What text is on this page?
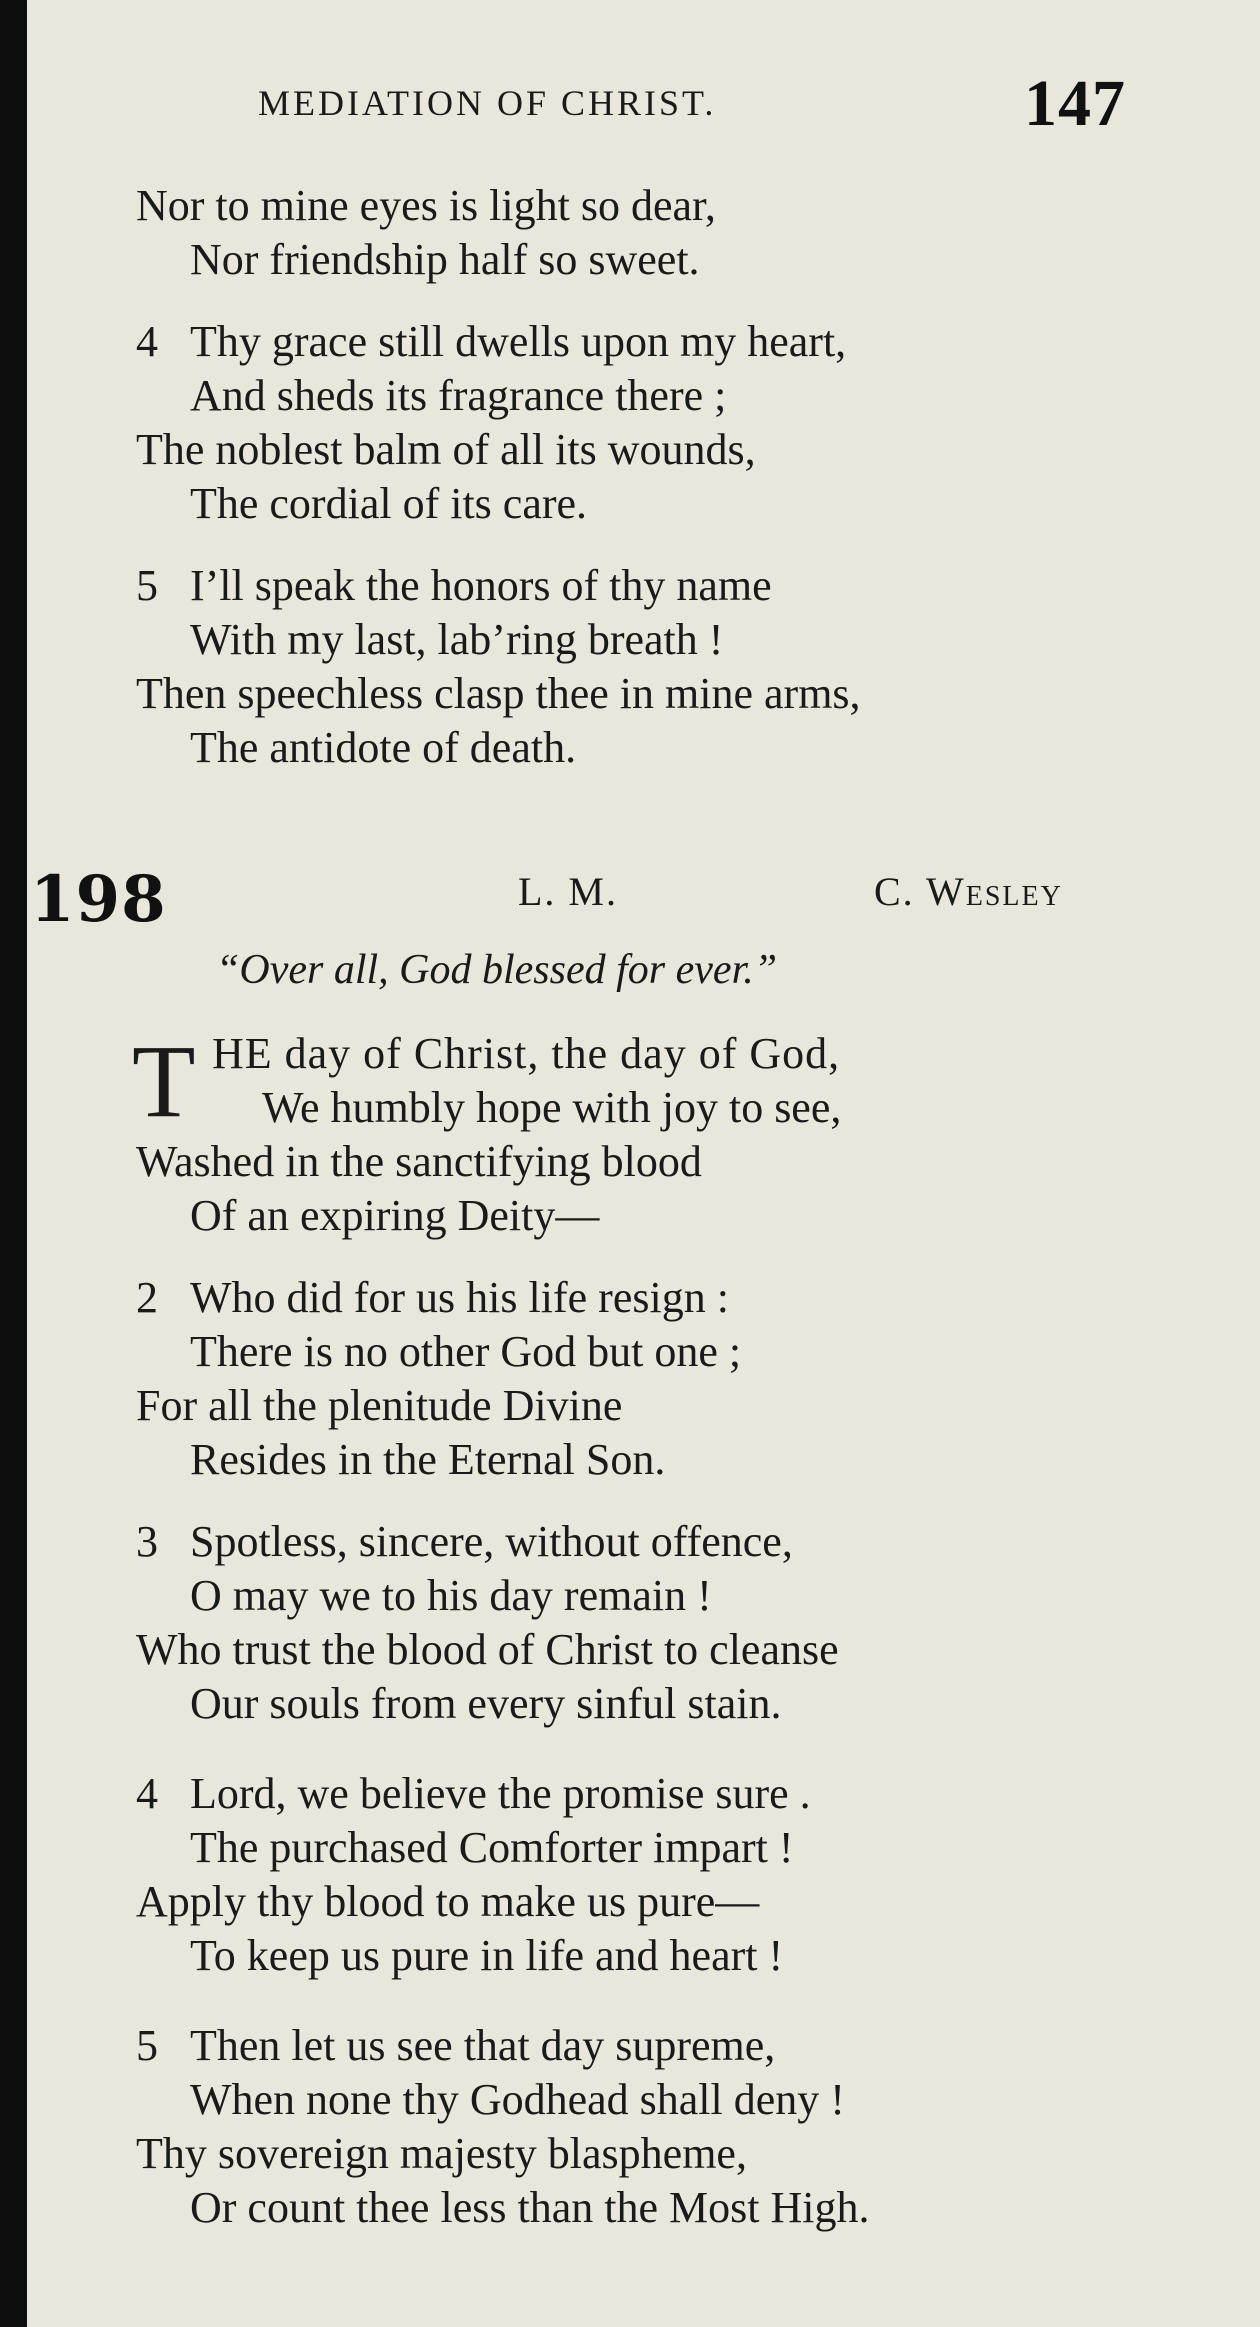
MEDIATION OF CHRIST.	147
Nor to mine eyes is light so dear,
Nor friendship half so sweet.
4 Thy grace still dwells upon my heart,
And sheds its fragrance there ;
The noblest balm of all its wounds,
The cordial of its care.
5 I’ll speak the honors of thy name
With my last, lab’ring breath !
Then speechless clasp thee in mine arms,
The antidote of death.
198	L. M.	C. Wesley
“Over all, God blessed for ever.”
T HE day of Christ, the day of God,
We humbly hope with joy to see,
Washed in the sanctifying blood
Of an expiring Deity—
2 Who did for us his life resign :
There is no other God but one ;
For all the plenitude Divine
Resides in the Eternal Son.
3 Spotless, sincere, without offence,
O may we to his day remain !
Who trust the blood of Christ to cleanse
Our souls from every sinful stain.
4 Lord, we believe the promise sure .
The purchased Comforter impart !
Apply thy blood to make us pure—
To keep us pure in life and heart !
5 Then let us see that day supreme,
When none thy Godhead shall deny !
Thy sovereign majesty blaspheme,
Or count thee less than the Most High.
